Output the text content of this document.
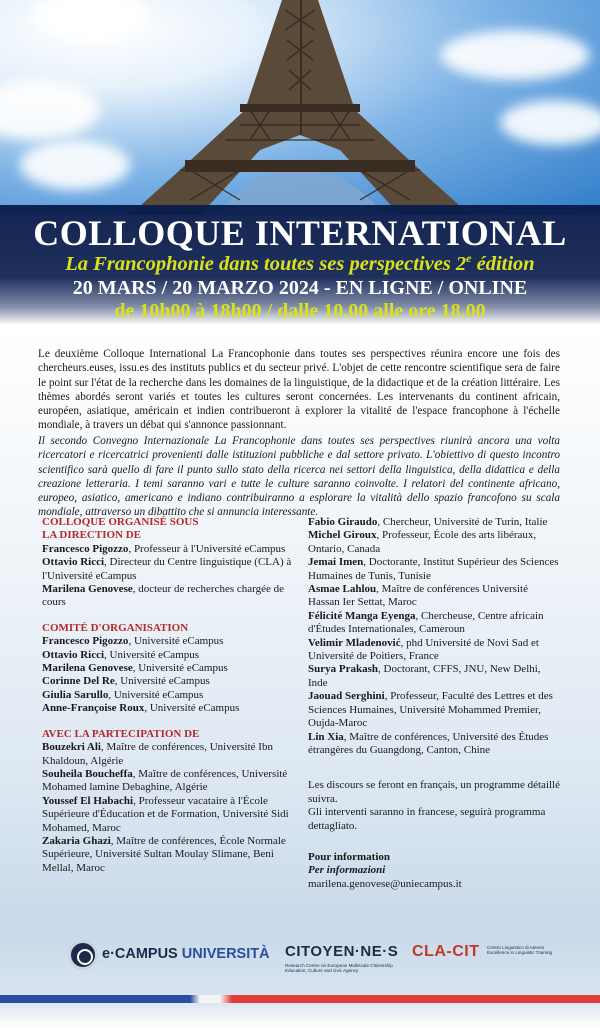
COLLOQUE INTERNATIONAL
La Francophonie dans toutes ses perspectives 2e édition
20 MARS / 20 MARZO 2024 - EN LIGNE / ONLINE
de 10h00 à 18h00 / dalle 10.00 alle ore 18.00

Le deuxième Colloque International La Francophonie dans toutes ses perspectives réunira encore une fois des chercheurs.euses, issu.es des instituts publics et du secteur privé. L'objet de cette rencontre scientifique sera de faire le point sur l'état de la recherche dans les domaines de la linguistique, de la didactique et de la création littéraire. Les thèmes abordés seront variés et toutes les cultures seront concernées. Les intervenants du continent africain, européen, asiatique, américain et indien contribueront à explorer la vitalité de l'espace francophone à l'échelle mondiale, à travers un débat qui s'annonce passionnant.

Il secondo Convegno Internazionale La Francophonie dans toutes ses perspectives riunirà ancora una volta ricercatori e ricercatrici provenienti dalle istituzioni pubbliche e dal settore privato. L'obiettivo di questo incontro scientifico sarà quello di fare il punto sullo stato della ricerca nei settori della linguistica, della didattica e della creazione letteraria. I temi saranno vari e tutte le culture saranno coinvolte. I relatori del continente africano, europeo, asiatico, americano e indiano contribuiranno a esplorare la vitalità dello spazio francofono su scala mondiale, attraverso un dibattito che si annuncia interessante.

COLLOQUE ORGANISÉ SOUS
LA DIRECTION DE

Francesco Pigozzo, Professeur à l'Université eCampus

Ottavio Ricci, Directeur du Centre linguistique (CLA) à l'Université eCampus

Marilena Genovese, docteur de recherches chargée de cours

COMITÉ D'ORGANISATION

Francesco Pigozzo, Université eCampus

Ottavio Ricci, Université eCampus

Marilena Genovese, Université eCampus

Corinne Del Re, Université eCampus

Giulia Sarullo, Université eCampus

Anne-Françoise Roux, Université eCampus

AVEC LA PARTECIPATION DE

Bouzekri Ali, Maître de conférences, Université Ibn Khaldoun, Algérie

Souheila Boucheffa, Maître de conférences, Université Mohamed lamine Debaghine, Algérie

Youssef El Habachi, Professeur vacataire à l'École Supérieure d'Éducation et de Formation, Université Sidi Mohamed, Maroc

Zakaria Ghazi, Maître de conférences, École Normale Supérieure, Université Sultan Moulay Slimane, Beni Mellal, Maroc

Fabio Giraudo, Chercheur, Université de Turin, Italie

Michel Giroux, Professeur, École des arts libéraux, Ontario, Canada

Jemai Imen, Doctorante, Institut Supérieur des Sciences Humaines de Tunis, Tunisie

Asmae Lahlou, Maître de conférences Université Hassan Ier Settat, Maroc

Félicité Manga Eyenga, Chercheuse, Centre africain d'Études Internationales, Cameroun

Velimir Mladenović, phd Université de Novi Sad et Université de Poitiers, France

Surya Prakash, Doctorant, CFFS, JNU, New Delhi, Inde

Jaouad Serghini, Professeur, Faculté des Lettres et des Sciences Humaines, Université Mohammed Premier, Oujda-Maroc

Lin Xia, Maître de conférences, Université des Études étrangères du Guangdong, Canton, Chine

Les discours se feront en français, un programme détaillé suivra.

Gli interventi saranno in francese, seguirà programma dettagliato.

Pour information

Per informazioni

marilena.genovese@uniecampus.it

e·CAMPUS UNIVERSITÀ CITOYEN·NE·S
Research Centre on European Multiscale Citizenship Education, Culture and civic Agency
CLA-CIT Centro Linguistico di Ateneo Excellence in Linguistic Training
